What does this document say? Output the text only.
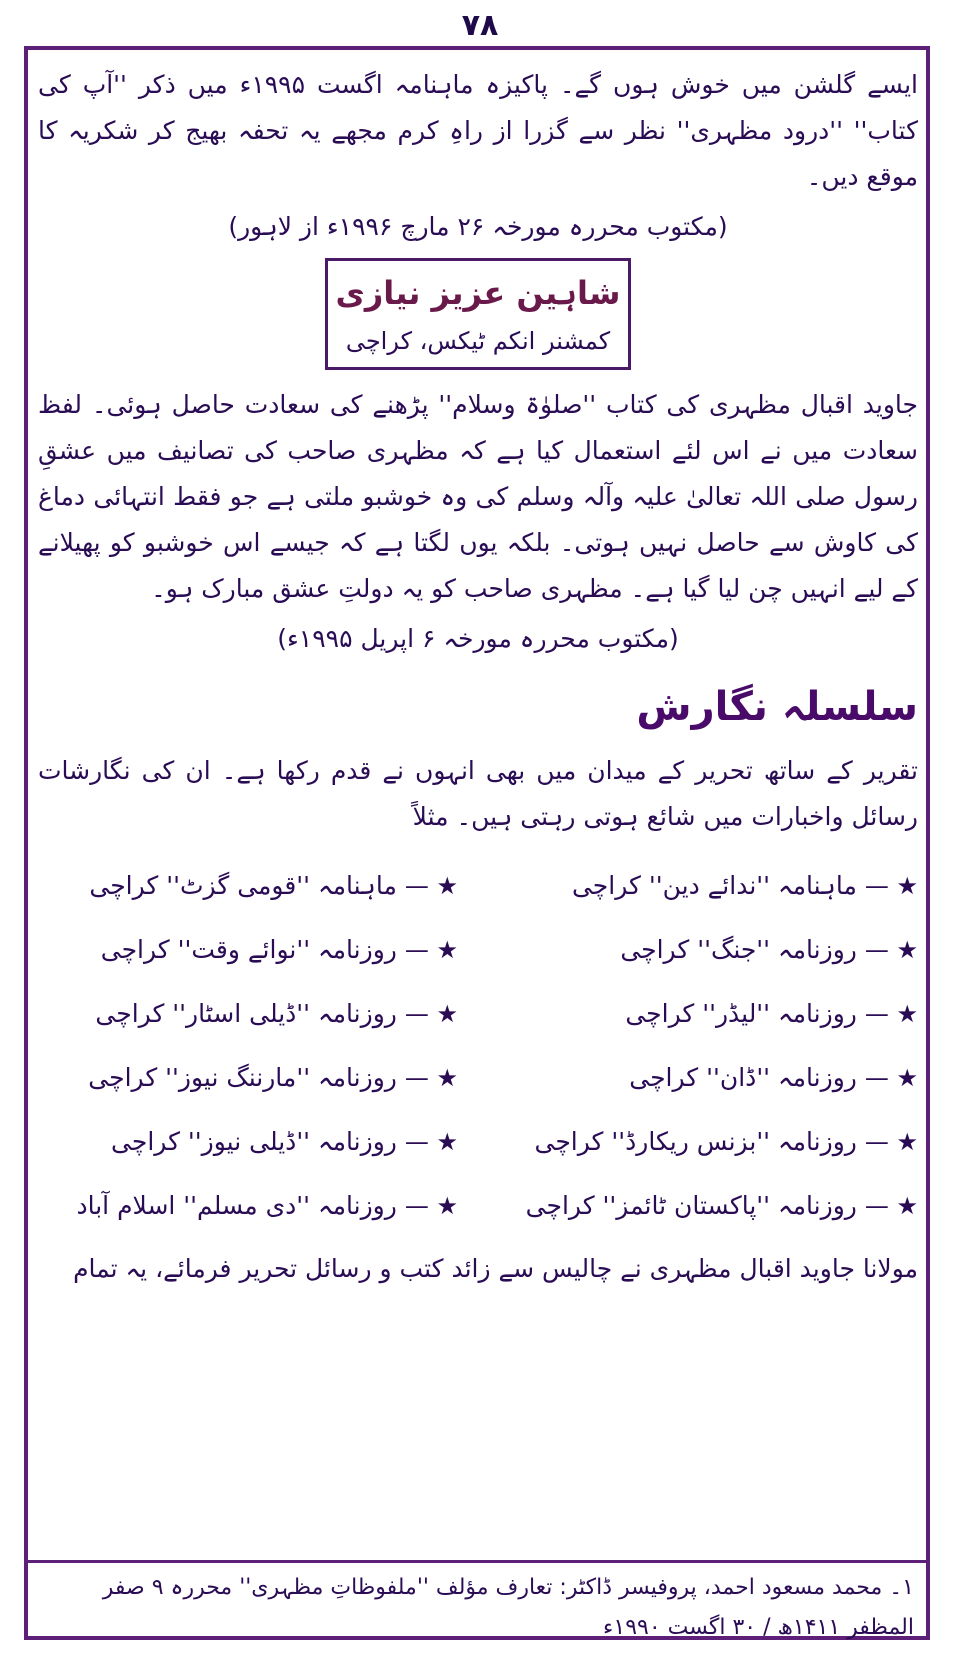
۷۸

ایسے گلشن میں خوش ہوں گے۔ پاکیزہ ماہنامہ اگست ۱۹۹۵ء میں ذکر ''آپ کی کتاب'' ''درود مظہری'' نظر سے گزرا از راہِ کرم مجھے یہ تحفہ بھیج کر شکریہ کا موقع دیں۔

(مکتوب محررہ مورخہ ۲۶ مارچ ۱۹۹۶ء از لاہور)

شاہین عزیز نیازی
کمشنر انکم ٹیکس، کراچی

جاوید اقبال مظہری کی کتاب ''صلوٰۃ وسلام'' پڑھنے کی سعادت حاصل ہوئی۔ لفظ سعادت میں نے اس لئے استعمال کیا ہے کہ مظہری صاحب کی تصانیف میں عشقِ رسول صلی اللہ تعالیٰ علیہ وآلہ وسلم کی وہ خوشبو ملتی ہے جو فقط انتہائی دماغ کی کاوش سے حاصل نہیں ہوتی۔ بلکہ یوں لگتا ہے کہ جیسے اس خوشبو کو پھیلانے کے لیے انہیں چن لیا گیا ہے۔ مظہری صاحب کو یہ دولتِ عشق مبارک ہو۔

(مکتوب محررہ مورخہ ۶ اپریل ۱۹۹۵ء)

سلسلہ نگارش

تقریر کے ساتھ تحریر کے میدان میں بھی انہوں نے قدم رکھا ہے۔ ان کی نگارشات رسائل واخبارات میں شائع ہوتی رہتی ہیں۔ مثلاً

★ —ماہنامہ ''ندائے دین'' کراچی
★ —ماہنامہ ''قومی گزٹ'' کراچی
★ —روزنامہ ''جنگ'' کراچی
★ —روزنامہ ''نوائے وقت'' کراچی
★ —روزنامہ ''لیڈر'' کراچی
★ —روزنامہ ''ڈیلی اسٹار'' کراچی
★ —روزنامہ ''ڈان'' کراچی
★ —روزنامہ ''مارننگ نیوز'' کراچی
★ —روزنامہ ''بزنس ریکارڈ'' کراچی
★ —روزنامہ ''ڈیلی نیوز'' کراچی
★ —روزنامہ ''پاکستان ٹائمز'' کراچی
★ —روزنامہ ''دی مسلم'' اسلام آباد

مولانا جاوید اقبال مظہری نے چالیس سے زائد کتب و رسائل تحریر فرمائے، یہ تمام

۱۔ محمد مسعود احمد، پروفیسر ڈاکٹر: تعارف مؤلف ''ملفوظاتِ مظہری'' محررہ ۹ صفر المظفر ۱۴۱۱ھ / ۳۰ اگست ۱۹۹۰ء
